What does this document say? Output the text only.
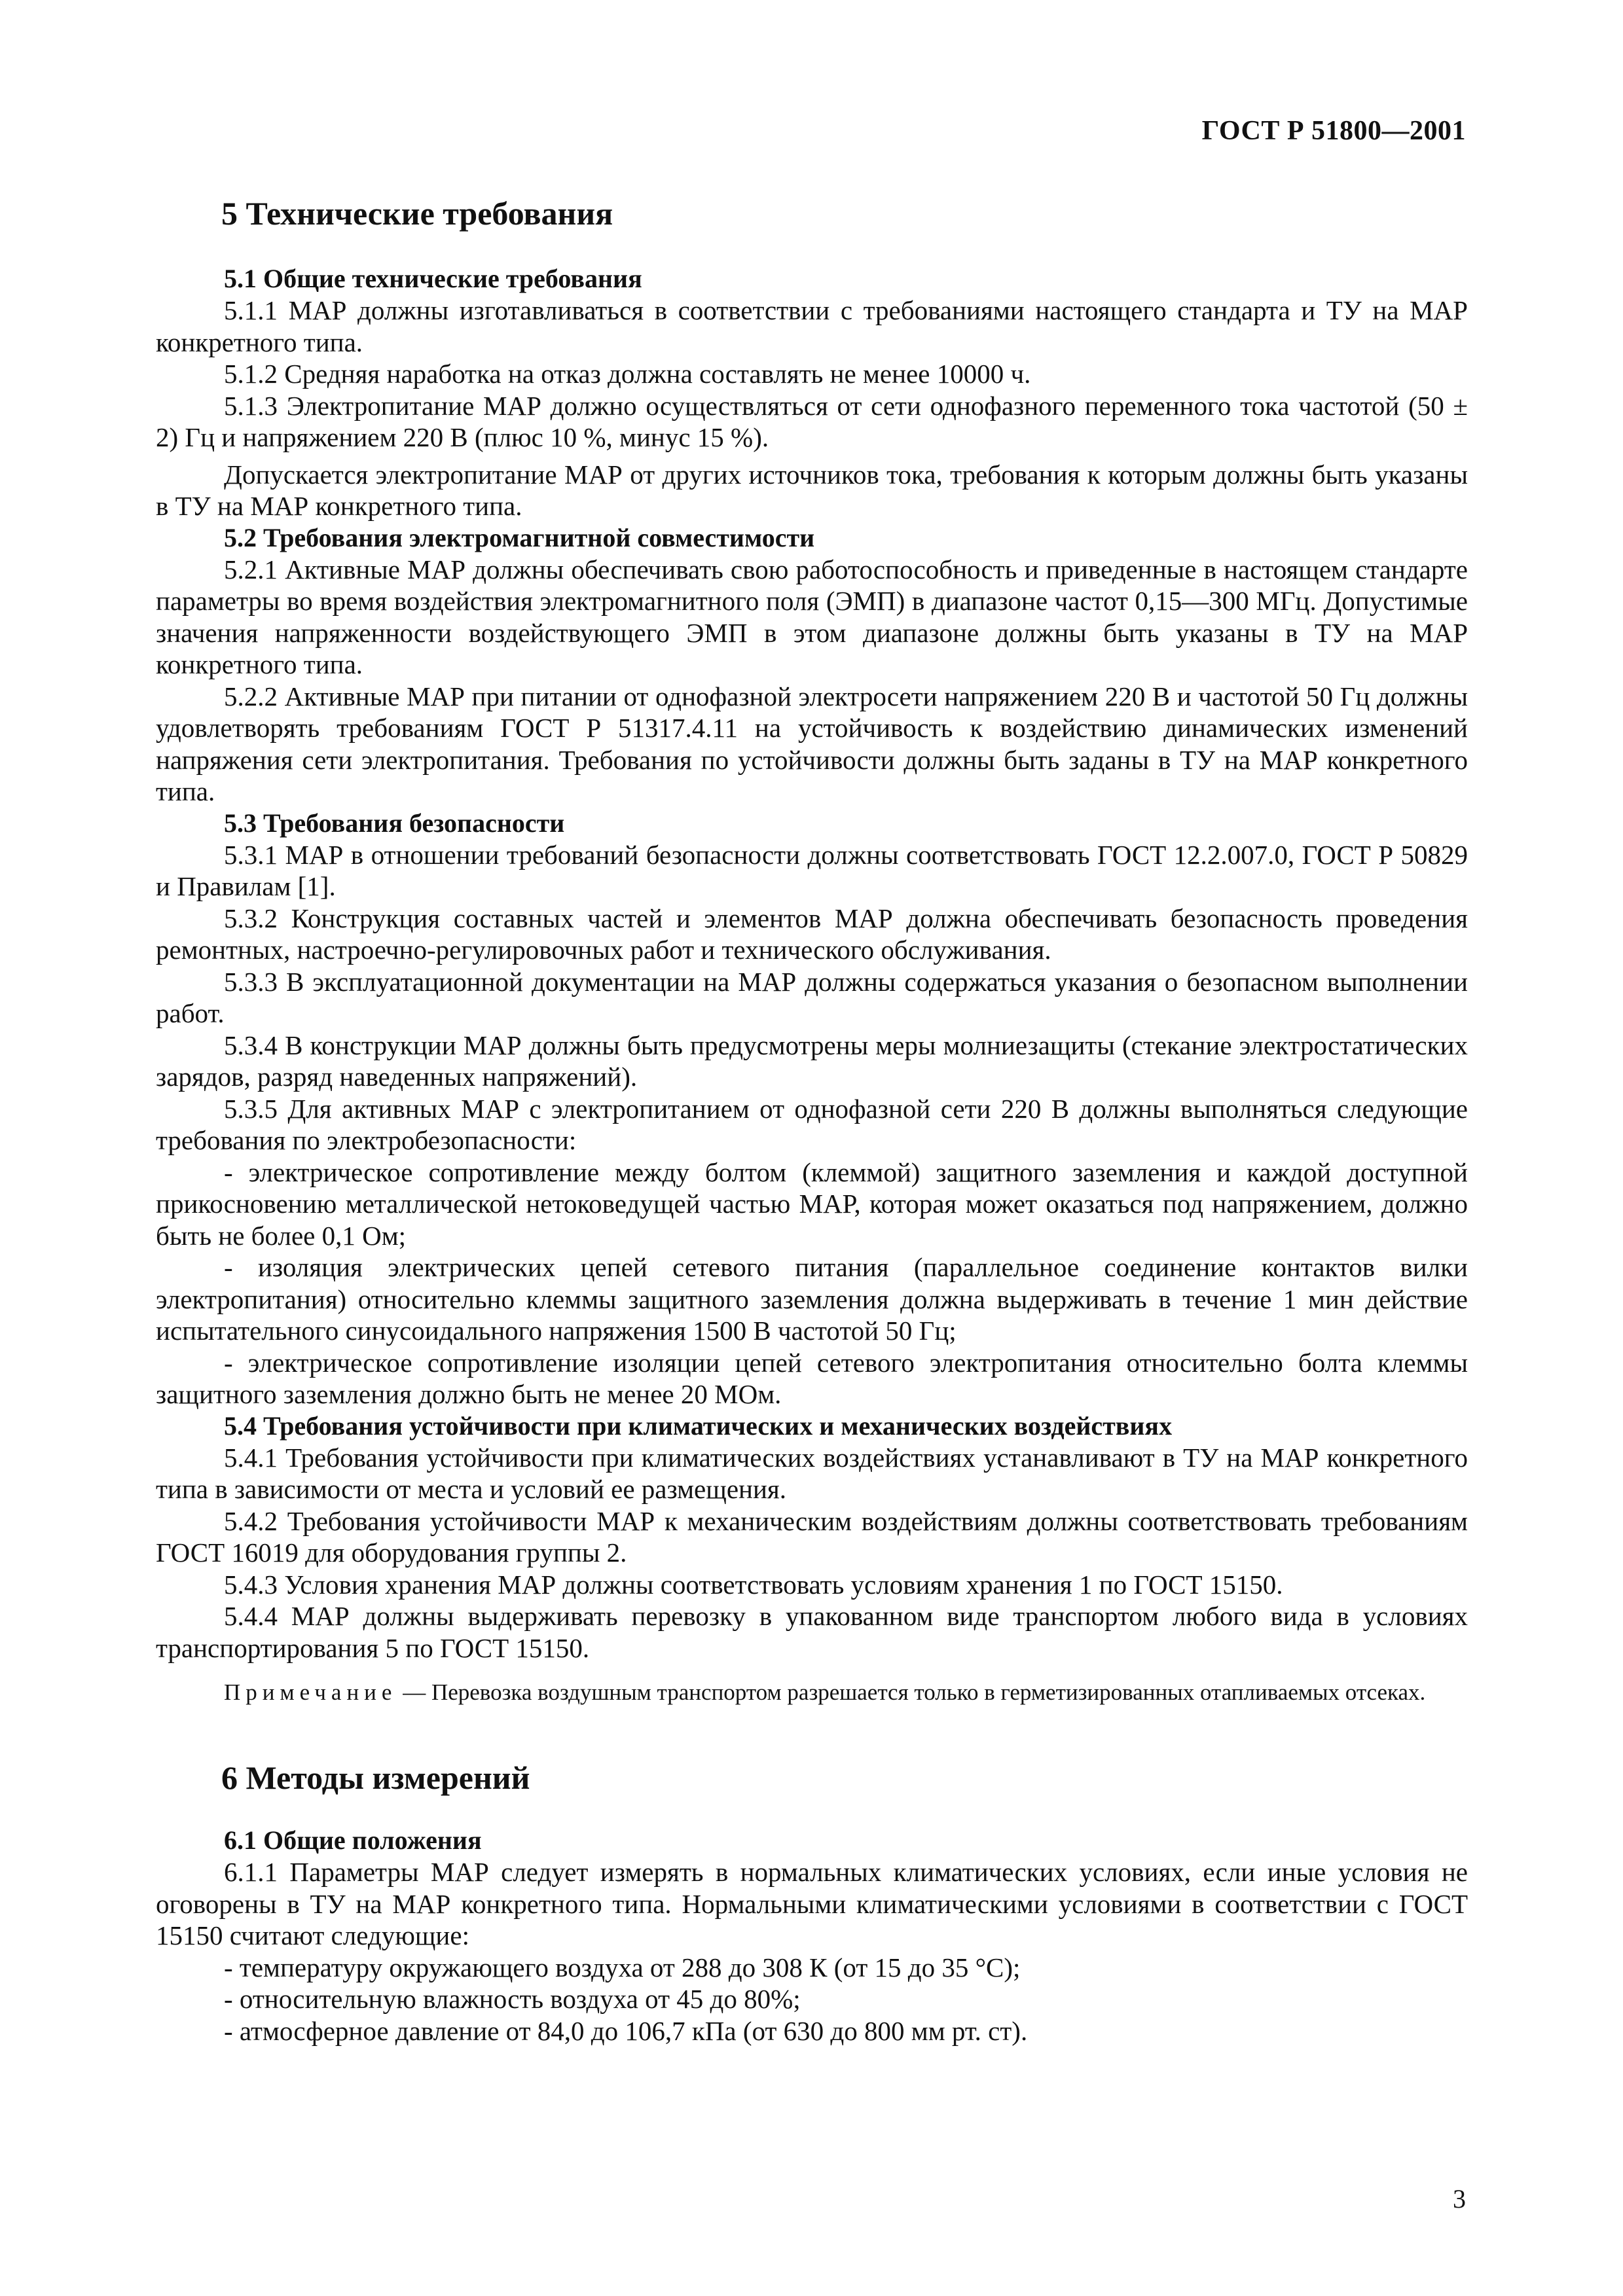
ГОСТ Р 51800—2001
5 Технические требования
5.1 Общие технические требования

5.1.1 МАР должны изготавливаться в соответствии с требованиями настоящего стандарта и ТУ на МАР конкретного типа.

5.1.2 Средняя наработка на отказ должна составлять не менее 10000 ч.

5.1.3 Электропитание МАР должно осуществляться от сети однофазного переменного тока частотой (50 ± 2) Гц и напряжением 220 В (плюс 10 %, минус 15 %).

Допускается электропитание МАР от других источников тока, требования к которым должны быть указаны в ТУ на МАР конкретного типа.

5.2 Требования электромагнитной совместимости

5.2.1 Активные МАР должны обеспечивать свою работоспособность и приведенные в настоящем стандарте параметры во время воздействия электромагнитного поля (ЭМП) в диапазоне частот 0,15—300 МГц. Допустимые значения напряженности воздействующего ЭМП в этом диапазоне должны быть указаны в ТУ на МАР конкретного типа.

5.2.2 Активные МАР при питании от однофазной электросети напряжением 220 В и частотой 50 Гц должны удовлетворять требованиям ГОСТ Р 51317.4.11 на устойчивость к воздействию динамических изменений напряжения сети электропитания. Требования по устойчивости должны быть заданы в ТУ на МАР конкретного типа.

5.3 Требования безопасности

5.3.1 МАР в отношении требований безопасности должны соответствовать ГОСТ 12.2.007.0, ГОСТ Р 50829 и Правилам [1].

5.3.2 Конструкция составных частей и элементов МАР должна обеспечивать безопасность проведения ремонтных, настроечно-регулировочных работ и технического обслуживания.

5.3.3 В эксплуатационной документации на МАР должны содержаться указания о безопасном выполнении работ.

5.3.4 В конструкции МАР должны быть предусмотрены меры молниезащиты (стекание электростатических зарядов, разряд наведенных напряжений).

5.3.5 Для активных МАР с электропитанием от однофазной сети 220 В должны выполняться следующие требования по электробезопасности:

- электрическое сопротивление между болтом (клеммой) защитного заземления и каждой доступной прикосновению металлической нетоковедущей частью МАР, которая может оказаться под напряжением, должно быть не более 0,1 Ом;

- изоляция электрических цепей сетевого питания (параллельное соединение контактов вилки электропитания) относительно клеммы защитного заземления должна выдерживать в течение 1 мин действие испытательного синусоидального напряжения 1500 В частотой 50 Гц;

- электрическое сопротивление изоляции цепей сетевого электропитания относительно болта клеммы защитного заземления должно быть не менее 20 МОм.

5.4 Требования устойчивости при климатических и механических воздействиях

5.4.1 Требования устойчивости при климатических воздействиях устанавливают в ТУ на МАР конкретного типа в зависимости от места и условий ее размещения.

5.4.2 Требования устойчивости МАР к механическим воздействиям должны соответствовать требованиям ГОСТ 16019 для оборудования группы 2.

5.4.3 Условия хранения МАР должны соответствовать условиям хранения 1 по ГОСТ 15150.

5.4.4 МАР должны выдерживать перевозку в упакованном виде транспортом любого вида в условиях транспортирования 5 по ГОСТ 15150.

Примечание — Перевозка воздушным транспортом разрешается только в герметизированных отапливаемых отсеках.

6 Методы измерений
6.1 Общие положения

6.1.1 Параметры МАР следует измерять в нормальных климатических условиях, если иные условия не оговорены в ТУ на МАР конкретного типа. Нормальными климатическими условиями в соответствии с ГОСТ 15150 считают следующие:

- температуру окружающего воздуха от 288 до 308 К (от 15 до 35 °С);

- относительную влажность воздуха от 45 до 80%;

- атмосферное давление от 84,0 до 106,7 кПа (от 630 до 800 мм рт. ст).

3
